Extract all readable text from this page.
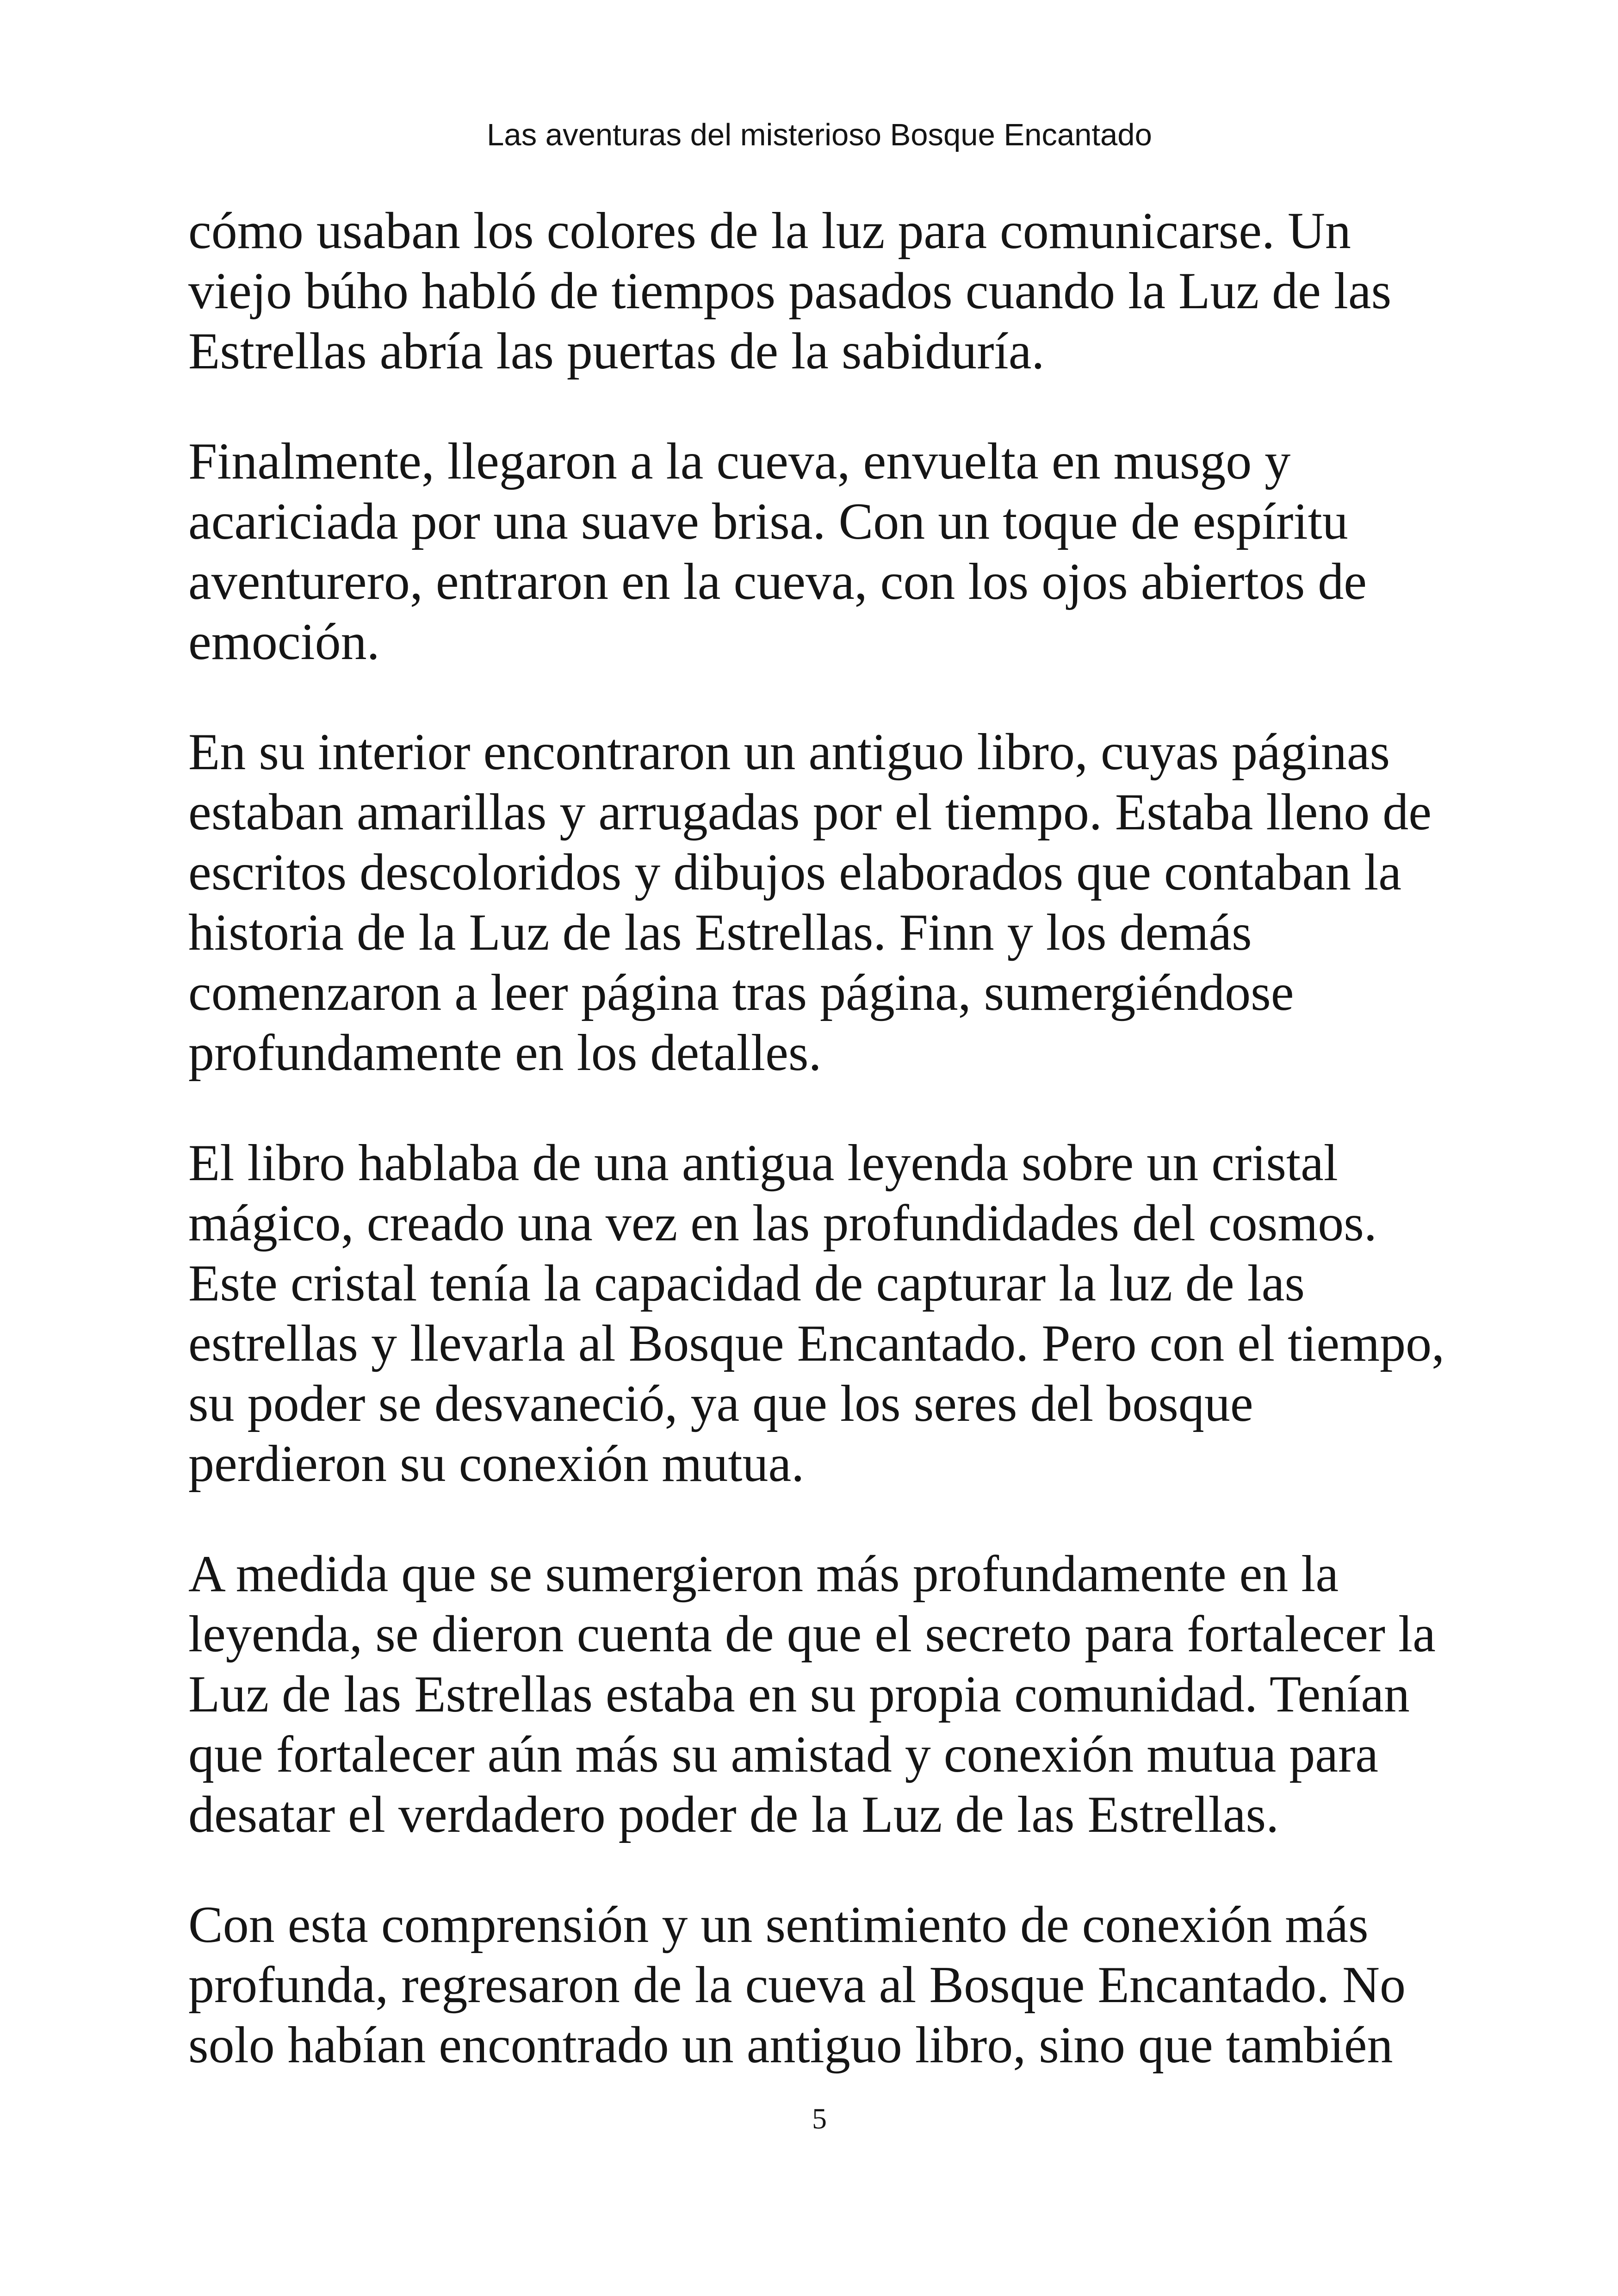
Las aventuras del misterioso Bosque Encantado
cómo usaban los colores de la luz para comunicarse. Un
viejo búho habló de tiempos pasados cuando la Luz de las
Estrellas abría las puertas de la sabiduría.
Finalmente, llegaron a la cueva, envuelta en musgo y
acariciada por una suave brisa. Con un toque de espíritu
aventurero, entraron en la cueva, con los ojos abiertos de
emoción.
En su interior encontraron un antiguo libro, cuyas páginas
estaban amarillas y arrugadas por el tiempo. Estaba lleno de
escritos descoloridos y dibujos elaborados que contaban la
historia de la Luz de las Estrellas. Finn y los demás
comenzaron a leer página tras página, sumergiéndose
profundamente en los detalles.
El libro hablaba de una antigua leyenda sobre un cristal
mágico, creado una vez en las profundidades del cosmos.
Este cristal tenía la capacidad de capturar la luz de las
estrellas y llevarla al Bosque Encantado. Pero con el tiempo,
su poder se desvaneció, ya que los seres del bosque
perdieron su conexión mutua.
A medida que se sumergieron más profundamente en la
leyenda, se dieron cuenta de que el secreto para fortalecer la
Luz de las Estrellas estaba en su propia comunidad. Tenían
que fortalecer aún más su amistad y conexión mutua para
desatar el verdadero poder de la Luz de las Estrellas.
Con esta comprensión y un sentimiento de conexión más
profunda, regresaron de la cueva al Bosque Encantado. No
solo habían encontrado un antiguo libro, sino que también
5
